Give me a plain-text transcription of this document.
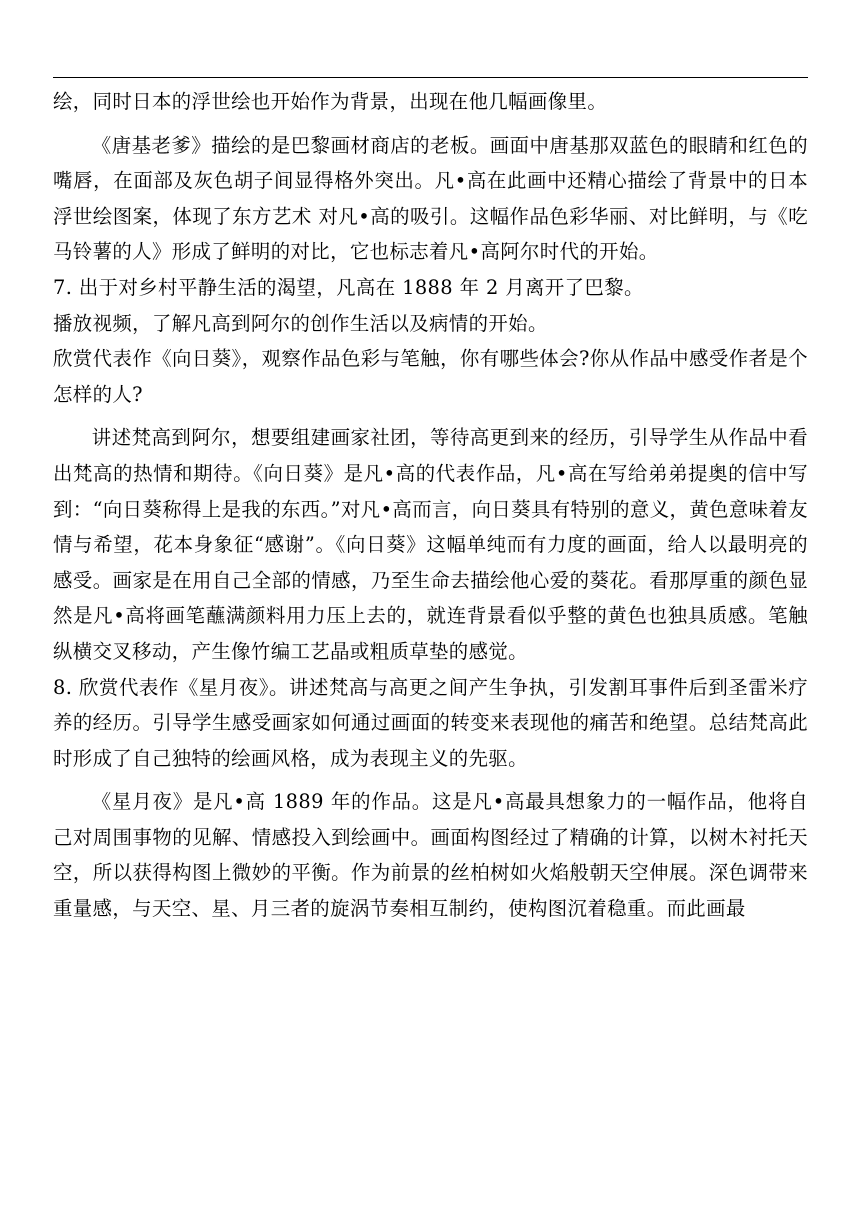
绘，同时日本的浮世绘也开始作为背景，出现在他几幅画像里。

《唐基老爹》描绘的是巴黎画材商店的老板。画面中唐基那双蓝色的眼睛和红色的嘴唇，在面部及灰色胡子间显得格外突出。凡•高在此画中还精心描绘了背景中的日本浮世绘图案，体现了东方艺术 对凡•高的吸引。这幅作品色彩华丽、对比鲜明，与《吃马铃薯的人》形成了鲜明的对比，它也标志着凡•高阿尔时代的开始。

7. 出于对乡村平静生活的渴望，凡高在 1888 年 2 月离开了巴黎。

播放视频，了解凡高到阿尔的创作生活以及病情的开始。

欣赏代表作《向日葵》，观察作品色彩与笔触，你有哪些体会?你从作品中感受作者是个怎样的人?

讲述梵高到阿尔，想要组建画家社团，等待高更到来的经历，引导学生从作品中看出梵高的热情和期待。《向日葵》是凡•高的代表作品，凡•高在写给弟弟提奥的信中写到：“向日葵称得上是我的东西。”对凡•高而言，向日葵具有特别的意义，黄色意味着友情与希望，花本身象征“感谢”。《向日葵》这幅单纯而有力度的画面，给人以最明亮的感受。画家是在用自己全部的情感，乃至生命去描绘他心爱的葵花。看那厚重的颜色显然是凡•高将画笔蘸满颜料用力压上去的，就连背景看似乎整的黄色也独具质感。笔触纵横交叉移动，产生像竹编工艺晶或粗质草垫的感觉。

8. 欣赏代表作《星月夜》。讲述梵高与高更之间产生争执，引发割耳事件后到圣雷米疗养的经历。引导学生感受画家如何通过画面的转变来表现他的痛苦和绝望。总结梵高此时形成了自己独特的绘画风格，成为表现主义的先驱。

《星月夜》是凡•高 1889 年的作品。这是凡•高最具想象力的一幅作品，他将自己对周围事物的见解、情感投入到绘画中。画面构图经过了精确的计算，以树木衬托天空，所以获得构图上微妙的平衡。作为前景的丝柏树如火焰般朝天空伸展。深色调带来重量感，与天空、星、月三者的旋涡节奏相互制约，使构图沉着稳重。而此画最
